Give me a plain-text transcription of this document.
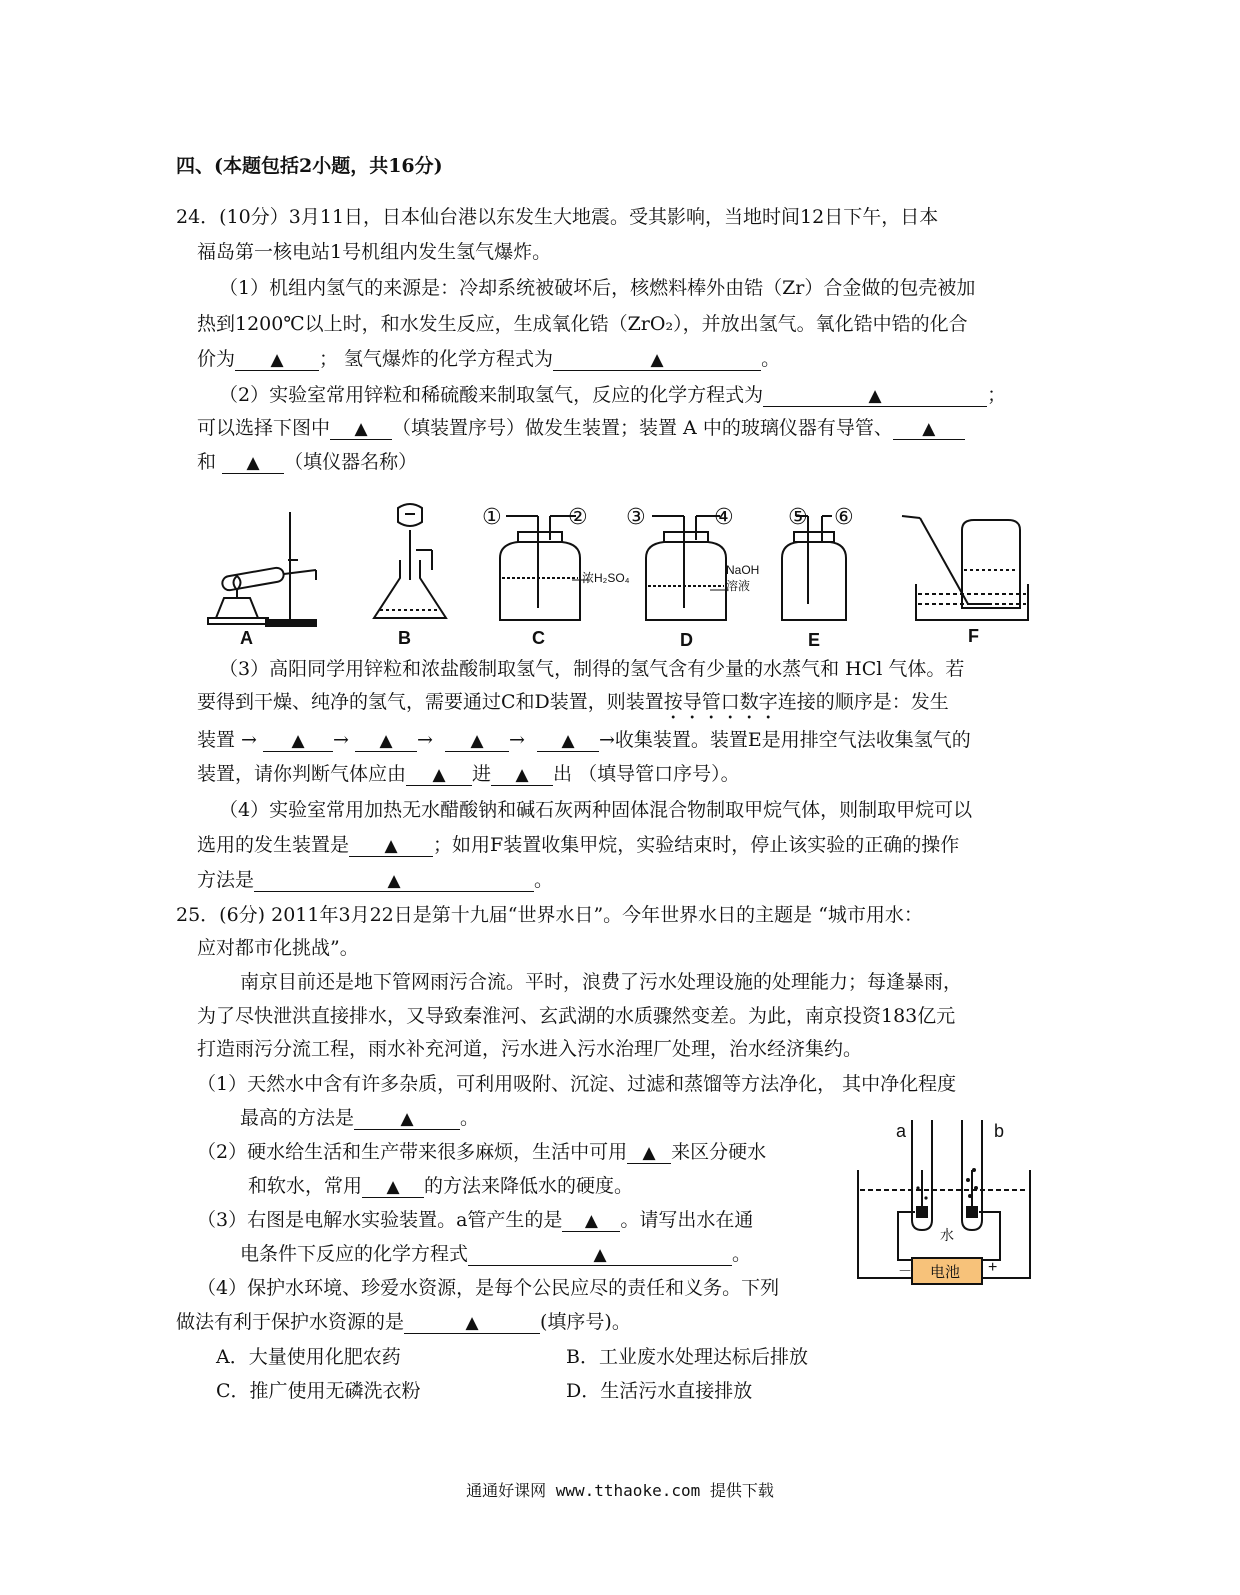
四、(本题包括2小题，共16分)
24．(10分）3月11日，日本仙台港以东发生大地震。受其影响，当地时间12日下午，日本
福岛第一核电站1号机组内发生氢气爆炸。
（1）机组内氢气的来源是：冷却系统被破坏后，核燃料棒外由锆（Zr）合金做的包壳被加
热到1200℃以上时，和水发生反应，生成氧化锆（ZrO₂），并放出氢气。氧化锆中锆的化合
价为 ▲ ； 氢气爆炸的化学方程式为	▲	。
（2）实验室常用锌粒和稀硫酸来制取氢气，反应的化学方程式为	▲	；
可以选择下图中 ▲ （填装置序号）做发生装置；装置 A 中的玻璃仪器有导管、 ▲
和 ▲ （填仪器名称）
①	② ③	④ ⑤ ⑥
浓H₂SO₄
NaOH
溶液
A	B	C	D	E	F
（3）高阳同学用锌粒和浓盐酸制取氢气，制得的氢气含有少量的水蒸气和 HCl 气体。若
要得到干燥、纯净的氢气，需要通过C和D装置，则装置按导管口数字连接的顺序是：发生
装置 → ▲ → ▲ → ▲ → ▲ →收集装置。装置E是用排空气法收集氢气的
装置，请你判断气体应由 ▲ 进 ▲ 出 （填导管口序号）。
（4）实验室常用加热无水醋酸钠和碱石灰两种固体混合物制取甲烷气体，则制取甲烷可以
选用的发生装置是 ▲ ；如用F装置收集甲烷，实验结束时，停止该实验的正确的操作
方法是	▲	。
25．(6分) 2011年3月22日是第十九届“世界水日”。今年世界水日的主题是 “城市用水：
应对都市化挑战”。
南京目前还是地下管网雨污合流。平时，浪费了污水处理设施的处理能力；每逢暴雨，
为了尽快泄洪直接排水，又导致秦淮河、玄武湖的水质骤然变差。为此，南京投资183亿元
打造雨污分流工程，雨水补充河道，污水进入污水治理厂处理，治水经济集约。
（1）天然水中含有许多杂质，可利用吸附、沉淀、过滤和蒸馏等方法净化， 其中净化程度
最高的方法是	▲ 。
（2）硬水给生活和生产带来很多麻烦，生活中可用 ▲ 来区分硬水
和软水，常用 ▲ 的方法来降低水的硬度。
（3）右图是电解水实验装置。a管产生的是 ▲ 。请写出水在通
电条件下反应的化学方程式	▲	。
（4）保护水环境、珍爱水资源，是每个公民应尽的责任和义务。下列
做法有利于保护水资源的是	▲	(填序号)。
A．大量使用化肥农药	B．工业废水处理达标后排放
C．推广使用无磷洗衣粉	D．生活污水直接排放
a	b
水
电池
－	+
通通好课网 www.tthaoke.com 提供下载
